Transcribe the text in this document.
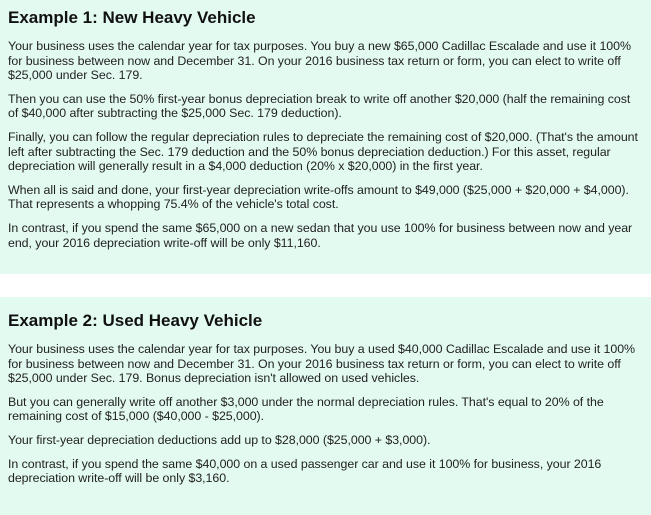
Example 1: New Heavy Vehicle

Your business uses the calendar year for tax purposes. You buy a new $65,000 Cadillac Escalade and use it 100% for business between now and December 31. On your 2016 business tax return or form, you can elect to write off $25,000 under Sec. 179.

Then you can use the 50% first-year bonus depreciation break to write off another $20,000 (half the remaining cost of $40,000 after subtracting the $25,000 Sec. 179 deduction).

Finally, you can follow the regular depreciation rules to depreciate the remaining cost of $20,000. (That's the amount left after subtracting the Sec. 179 deduction and the 50% bonus depreciation deduction.) For this asset, regular depreciation will generally result in a $4,000 deduction (20% x $20,000) in the first year.

When all is said and done, your first-year depreciation write-offs amount to $49,000 ($25,000 + $20,000 + $4,000). That represents a whopping 75.4% of the vehicle's total cost.

In contrast, if you spend the same $65,000 on a new sedan that you use 100% for business between now and year end, your 2016 depreciation write-off will be only $11,160.

Example 2: Used Heavy Vehicle

Your business uses the calendar year for tax purposes. You buy a used $40,000 Cadillac Escalade and use it 100% for business between now and December 31. On your 2016 business tax return or form, you can elect to write off $25,000 under Sec. 179. Bonus depreciation isn't allowed on used vehicles.

But you can generally write off another $3,000 under the normal depreciation rules. That's equal to 20% of the remaining cost of $15,000 ($40,000 - $25,000).

Your first-year depreciation deductions add up to $28,000 ($25,000 + $3,000).

In contrast, if you spend the same $40,000 on a used passenger car and use it 100% for business, your 2016 depreciation write-off will be only $3,160.
